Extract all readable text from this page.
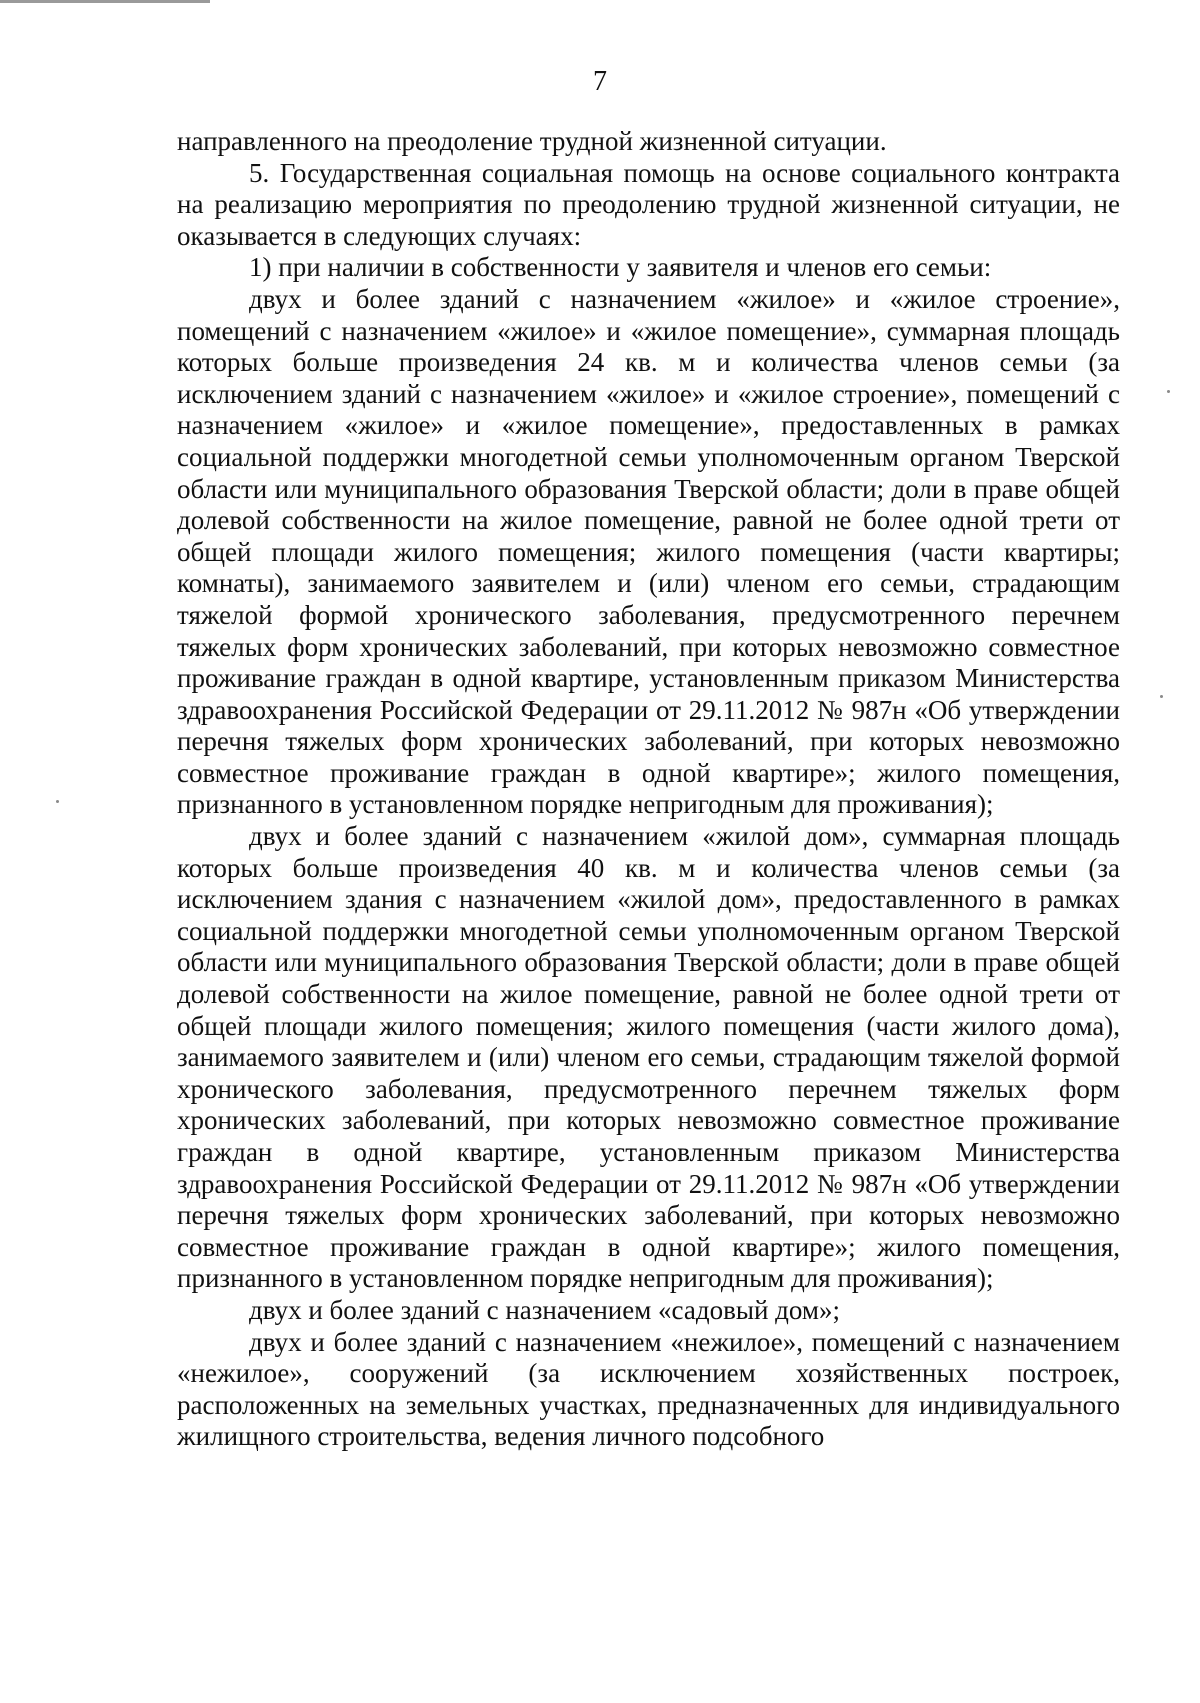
7

направленного на преодоление трудной жизненной ситуации.

5. Государственная социальная помощь на основе социального контракта на реализацию мероприятия по преодолению трудной жизненной ситуации, не оказывается в следующих случаях:

1) при наличии в собственности у заявителя и членов его семьи:

двух и более зданий с назначением «жилое» и «жилое строение», помещений с назначением «жилое» и «жилое помещение», суммарная площадь которых больше произведения 24 кв. м и количества членов семьи (за исключением зданий с назначением «жилое» и «жилое строение», помещений с назначением «жилое» и «жилое помещение», предоставленных в рамках социальной поддержки многодетной семьи уполномоченным органом Тверской области или муниципального образования Тверской области; доли в праве общей долевой собственности на жилое помещение, равной не более одной трети от общей площади жилого помещения; жилого помещения (части квартиры; комнаты), занимаемого заявителем и (или) членом его семьи, страдающим тяжелой формой хронического заболевания, предусмотренного перечнем тяжелых форм хронических заболеваний, при которых невозможно совместное проживание граждан в одной квартире, установленным приказом Министерства здравоохранения Российской Федерации от 29.11.2012 № 987н «Об утверждении перечня тяжелых форм хронических заболеваний, при которых невозможно совместное проживание граждан в одной квартире»; жилого помещения, признанного в установленном порядке непригодным для проживания);

двух и более зданий с назначением «жилой дом», суммарная площадь которых больше произведения 40 кв. м и количества членов семьи (за исключением здания с назначением «жилой дом», предоставленного в рамках социальной поддержки многодетной семьи уполномоченным органом Тверской области или муниципального образования Тверской области; доли в праве общей долевой собственности на жилое помещение, равной не более одной трети от общей площади жилого помещения; жилого помещения (части жилого дома), занимаемого заявителем и (или) членом его семьи, страдающим тяжелой формой хронического заболевания, предусмотренного перечнем тяжелых форм хронических заболеваний, при которых невозможно совместное проживание граждан в одной квартире, установленным приказом Министерства здравоохранения Российской Федерации от 29.11.2012 № 987н «Об утверждении перечня тяжелых форм хронических заболеваний, при которых невозможно совместное проживание граждан в одной квартире»; жилого помещения, признанного в установленном порядке непригодным для проживания);

двух и более зданий с назначением «садовый дом»;

двух и более зданий с назначением «нежилое», помещений с назначением «нежилое», сооружений (за исключением хозяйственных построек, расположенных на земельных участках, предназначенных для индивидуального жилищного строительства, ведения личного подсобного
